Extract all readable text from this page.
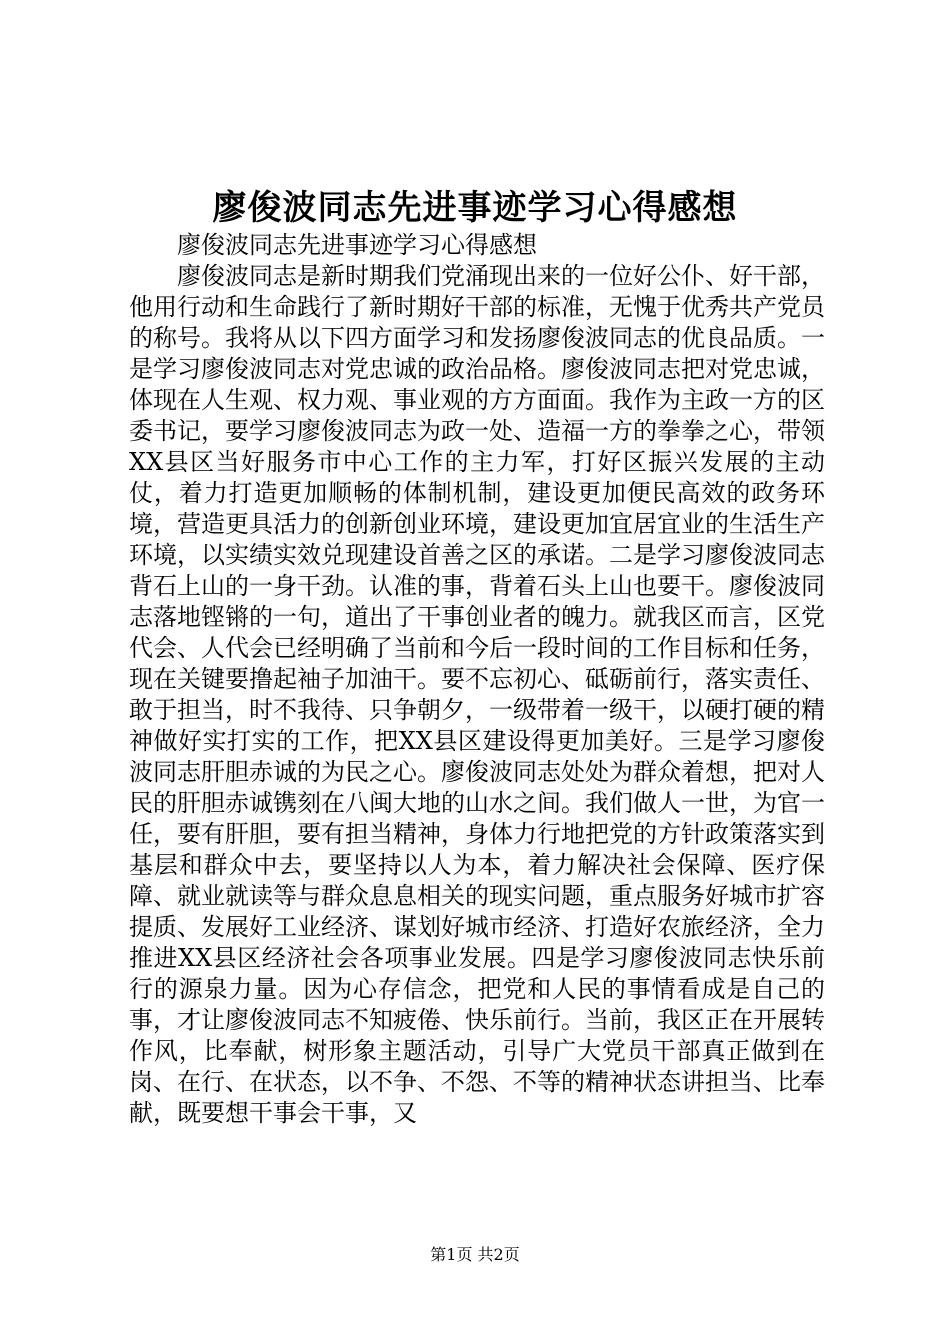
廖俊波同志先进事迹学习心得感想

廖俊波同志先进事迹学习心得感想

廖俊波同志是新时期我们党涌现出来的一位好公仆、好干部，他用行动和生命践行了新时期好干部的标准，无愧于优秀共产党员的称号。我将从以下四方面学习和发扬廖俊波同志的优良品质。一是学习廖俊波同志对党忠诚的政治品格。廖俊波同志把对党忠诚，体现在人生观、权力观、事业观的方方面面。我作为主政一方的区委书记，要学习廖俊波同志为政一处、造福一方的拳拳之心，带领XX县区当好服务市中心工作的主力军，打好区振兴发展的主动仗，着力打造更加顺畅的体制机制，建设更加便民高效的政务环境，营造更具活力的创新创业环境，建设更加宜居宜业的生活生产环境，以实绩实效兑现建设首善之区的承诺。二是学习廖俊波同志背石上山的一身干劲。认准的事，背着石头上山也要干。廖俊波同志落地铿锵的一句，道出了干事创业者的魄力。就我区而言，区党代会、人代会已经明确了当前和今后一段时间的工作目标和任务，现在关键要撸起袖子加油干。要不忘初心、砥砺前行，落实责任、敢于担当，时不我待、只争朝夕，一级带着一级干，以硬打硬的精神做好实打实的工作，把XX县区建设得更加美好。三是学习廖俊波同志肝胆赤诚的为民之心。廖俊波同志处处为群众着想，把对人民的肝胆赤诚镌刻在八闽大地的山水之间。我们做人一世，为官一任，要有肝胆，要有担当精神，身体力行地把党的方针政策落实到基层和群众中去，要坚持以人为本，着力解决社会保障、医疗保障、就业就读等与群众息息相关的现实问题，重点服务好城市扩容提质、发展好工业经济、谋划好城市经济、打造好农旅经济，全力推进XX县区经济社会各项事业发展。四是学习廖俊波同志快乐前行的源泉力量。因为心存信念，把党和人民的事情看成是自己的事，才让廖俊波同志不知疲倦、快乐前行。当前，我区正在开展转作风，比奉献，树形象主题活动，引导广大党员干部真正做到在岗、在行、在状态，以不争、不怨、不等的精神状态讲担当、比奉献，既要想干事会干事，又

第1页 共2页
